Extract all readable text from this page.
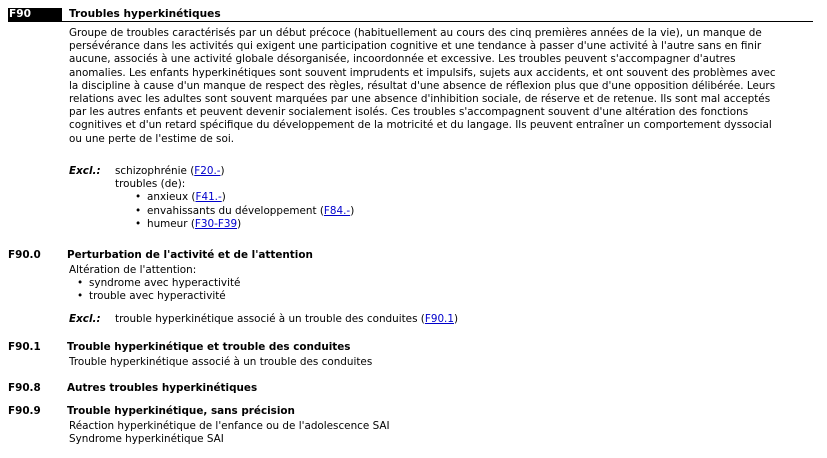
F90	Troubles hyperkinétiques

Groupe de troubles caractérisés par un début précoce (habituellement au cours des cinq premières années de la vie), un manque de

persévérance dans les activités qui exigent une participation cognitive et une tendance à passer d'une activité à l'autre sans en finir

aucune, associés à une activité globale désorganisée, incoordonnée et excessive. Les troubles peuvent s'accompagner d'autres

anomalies. Les enfants hyperkinétiques sont souvent imprudents et impulsifs, sujets aux accidents, et ont souvent des problèmes avec

la discipline à cause d'un manque de respect des règles, résultat d'une absence de réflexion plus que d'une opposition délibérée. Leurs

relations avec les adultes sont souvent marquées par une absence d'inhibition sociale, de réserve et de retenue. Ils sont mal acceptés

par les autres enfants et peuvent devenir socialement isolés. Ces troubles s'accompagnent souvent d'une altération des fonctions

cognitives et d'un retard spécifique du développement de la motricité et du langage. Ils peuvent entraîner un comportement dyssocial

ou une perte de l'estime de soi.

Excl.: schizophrénie (F20.-)
troubles (de):
• anxieux (F41.-)
• envahissants du développement (F84.-)
• humeur (F30-F39)
F90.0	Perturbation de l'activité et de l'attention
Altération de l'attention:
• syndrome avec hyperactivité
• trouble avec hyperactivité
Excl.: trouble hyperkinétique associé à un trouble des conduites (F90.1)
F90.1	Trouble hyperkinétique et trouble des conduites
Trouble hyperkinétique associé à un trouble des conduites
F90.8	Autres troubles hyperkinétiques
F90.9	Trouble hyperkinétique, sans précision
Réaction hyperkinétique de l'enfance ou de l'adolescence SAI
Syndrome hyperkinétique SAI
